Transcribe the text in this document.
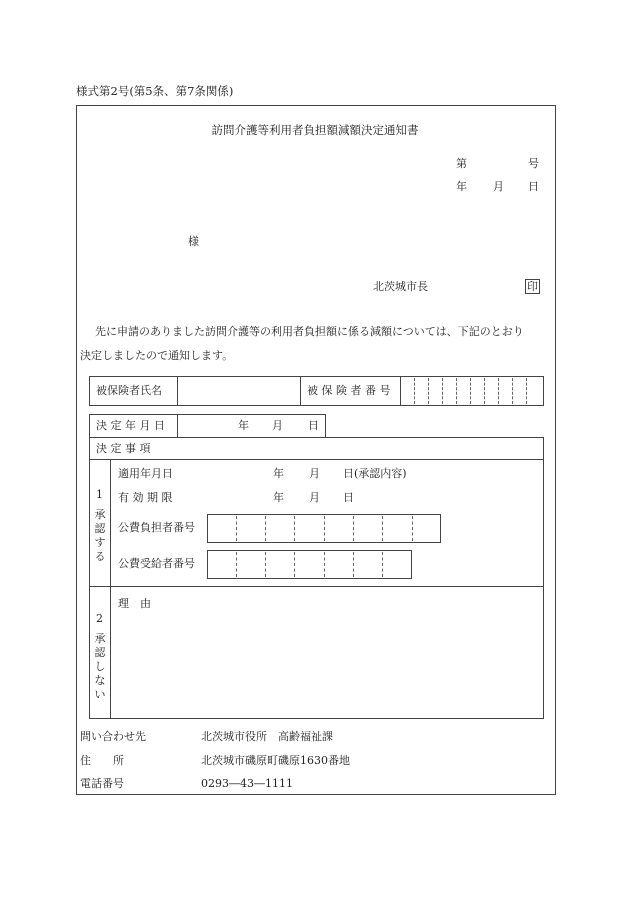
様式第2号(第5条、第7条関係)
訪問介護等利用者負担額減額決定通知書
第	号
年 月 日
様
北茨城市長	印
先に申請のありました訪問介護等の利用者負担額に係る減額については、下記のとおり
決定しましたので通知します。
被保険者氏名	被 保 険 者 番 号
決 定 年 月 日	年 月 日
決 定 事 項
1
承認する
適用年月日	年 月 日(承認内容)
有 効 期 限	年 月 日
公費負担者番号
公費受給者番号
2
承認しない
理　由
問い合わせ先	北茨城市役所　高齢福祉課
住　　所	北茨城市磯原町磯原1630番地
電話番号	0293―43―1111
